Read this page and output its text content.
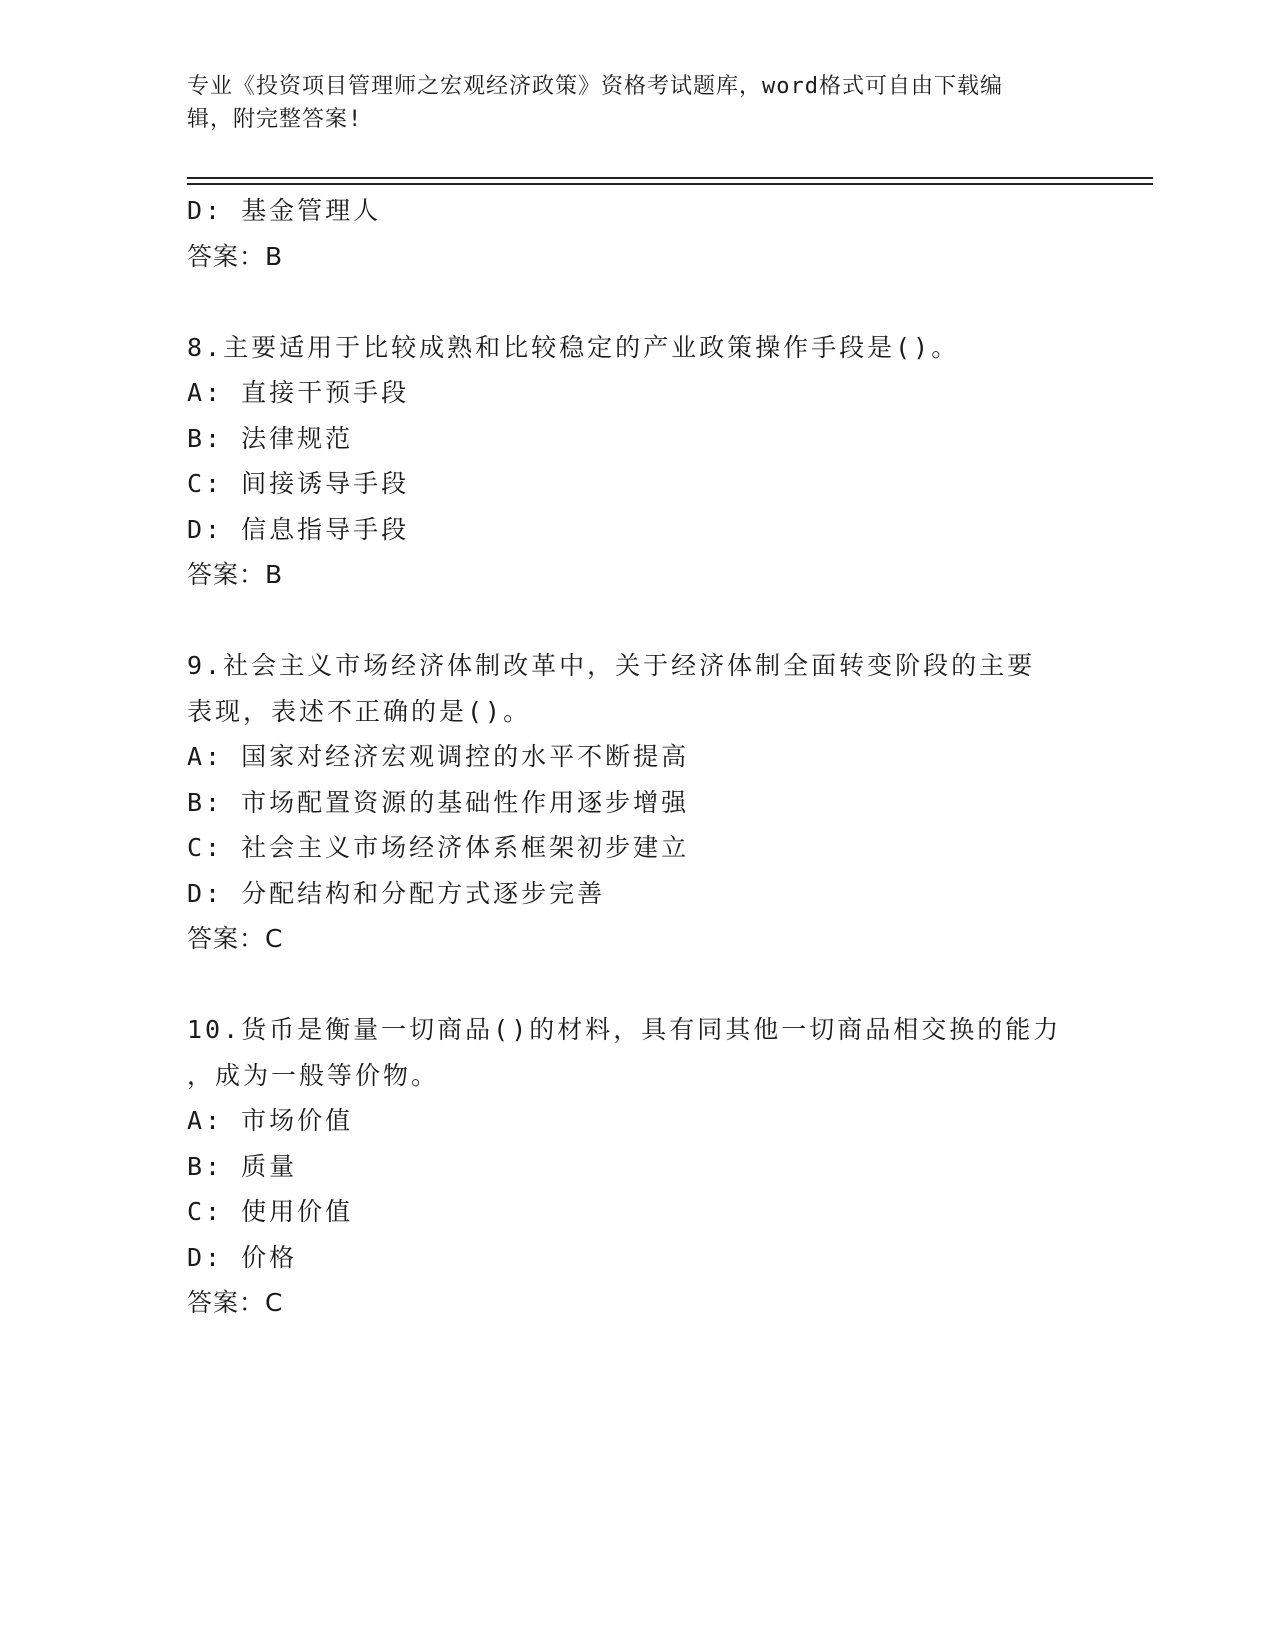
专业《投资项目管理师之宏观经济政策》资格考试题库，word格式可自由下载编
辑，附完整答案!

D: 基金管理人

答案：B

8.主要适用于比较成熟和比较稳定的产业政策操作手段是()。

A: 直接干预手段

B: 法律规范

C: 间接诱导手段

D: 信息指导手段

答案：B

9.社会主义市场经济体制改革中，关于经济体制全面转变阶段的主要

表现，表述不正确的是()。

A: 国家对经济宏观调控的水平不断提高

B: 市场配置资源的基础性作用逐步增强

C: 社会主义市场经济体系框架初步建立

D: 分配结构和分配方式逐步完善

答案：C

10.货币是衡量一切商品()的材料，具有同其他一切商品相交换的能力

，成为一般等价物。

A: 市场价值

B: 质量

C: 使用价值

D: 价格

答案：C
